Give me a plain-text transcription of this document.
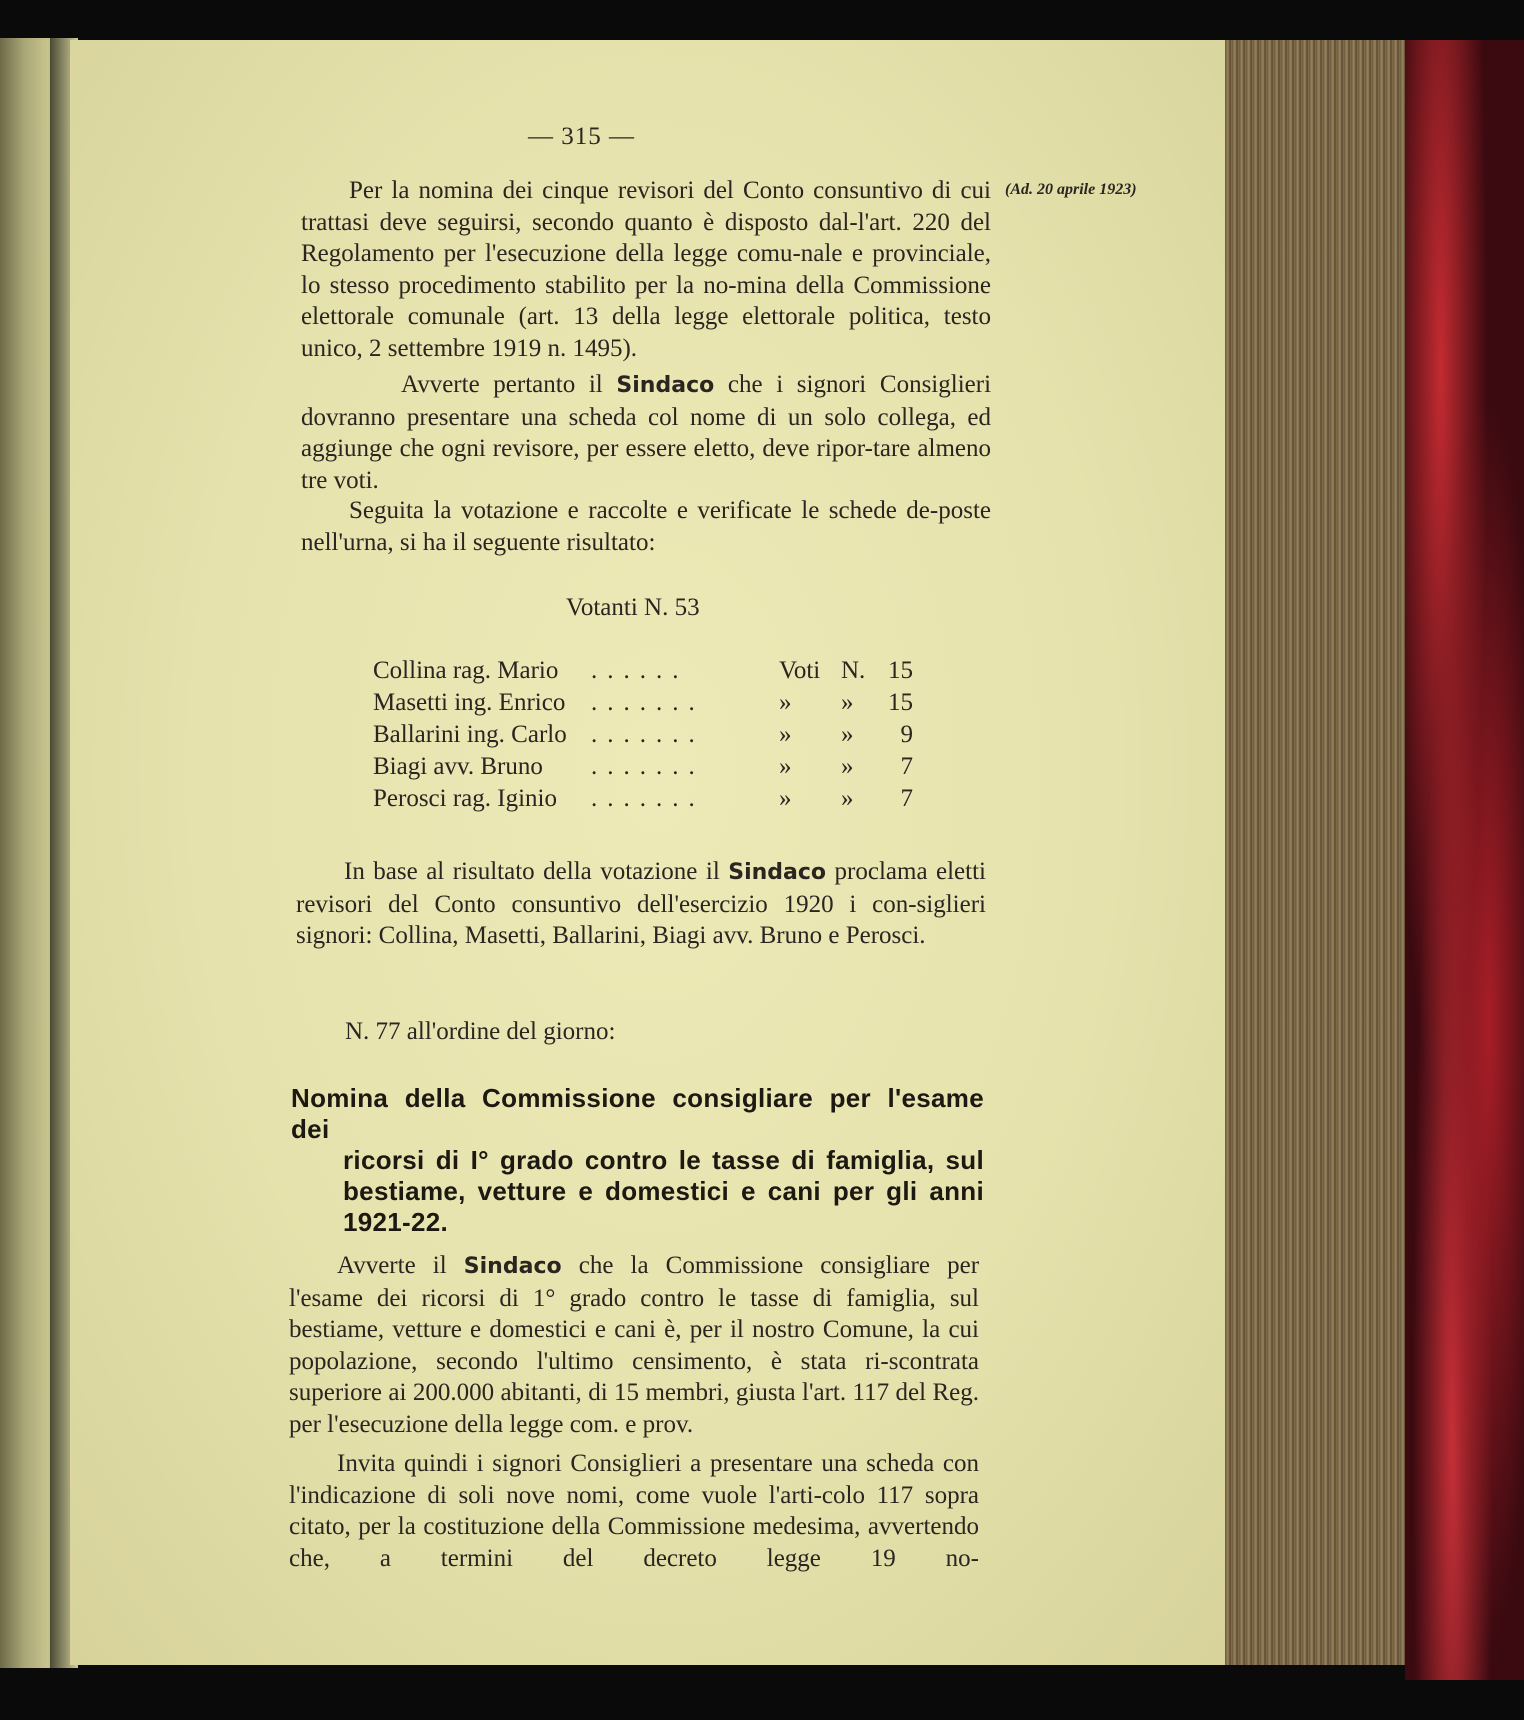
— 315 —
(Ad. 20 aprile 1923)
Per la nomina dei cinque revisori del Conto consuntivo di cui trattasi deve seguirsi, secondo quanto è disposto dal-l'art. 220 del Regolamento per l'esecuzione della legge comu-nale e provinciale, lo stesso procedimento stabilito per la no-mina della Commissione elettorale comunale (art. 13 della legge elettorale politica, testo unico, 2 settembre 1919 n. 1495).
Avverte pertanto il Sindaco che i signori Consiglieri dovranno presentare una scheda col nome di un solo collega, ed aggiunge che ogni revisore, per essere eletto, deve ripor-tare almeno tre voti.
Seguita la votazione e raccolte e verificate le schede de-poste nell'urna, si ha il seguente risultato:
Votanti N. 53
Collina rag. Mario	......	Voti N. 15
Masetti ing. Enrico	.......	»	»	15
Ballarini ing. Carlo .......	»	»	9
Biagi avv. Bruno	.......	»	»	7
Perosci rag. Iginio	.......	»	»	7
In base al risultato della votazione il Sindaco proclama eletti revisori del Conto consuntivo dell'esercizio 1920 i con-siglieri signori: Collina, Masetti, Ballarini, Biagi avv. Bruno e Perosci.
N. 77 all'ordine del giorno:
Nomina della Commissione consigliare per l'esame dei
ricorsi di I° grado contro le tasse di famiglia, sul bestiame, vetture e domestici e cani per gli anni 1921-22.
Avverte il Sindaco che la Commissione consigliare per l'esame dei ricorsi di 1° grado contro le tasse di famiglia, sul bestiame, vetture e domestici e cani è, per il nostro Comune, la cui popolazione, secondo l'ultimo censimento, è stata ri-scontrata superiore ai 200.000 abitanti, di 15 membri, giusta l'art. 117 del Reg. per l'esecuzione della legge com. e prov.
Invita quindi i signori Consiglieri a presentare una scheda con l'indicazione di soli nove nomi, come vuole l'arti-colo 117 sopra citato, per la costituzione della Commissione medesima, avvertendo che, a termini del decreto legge 19 no-
